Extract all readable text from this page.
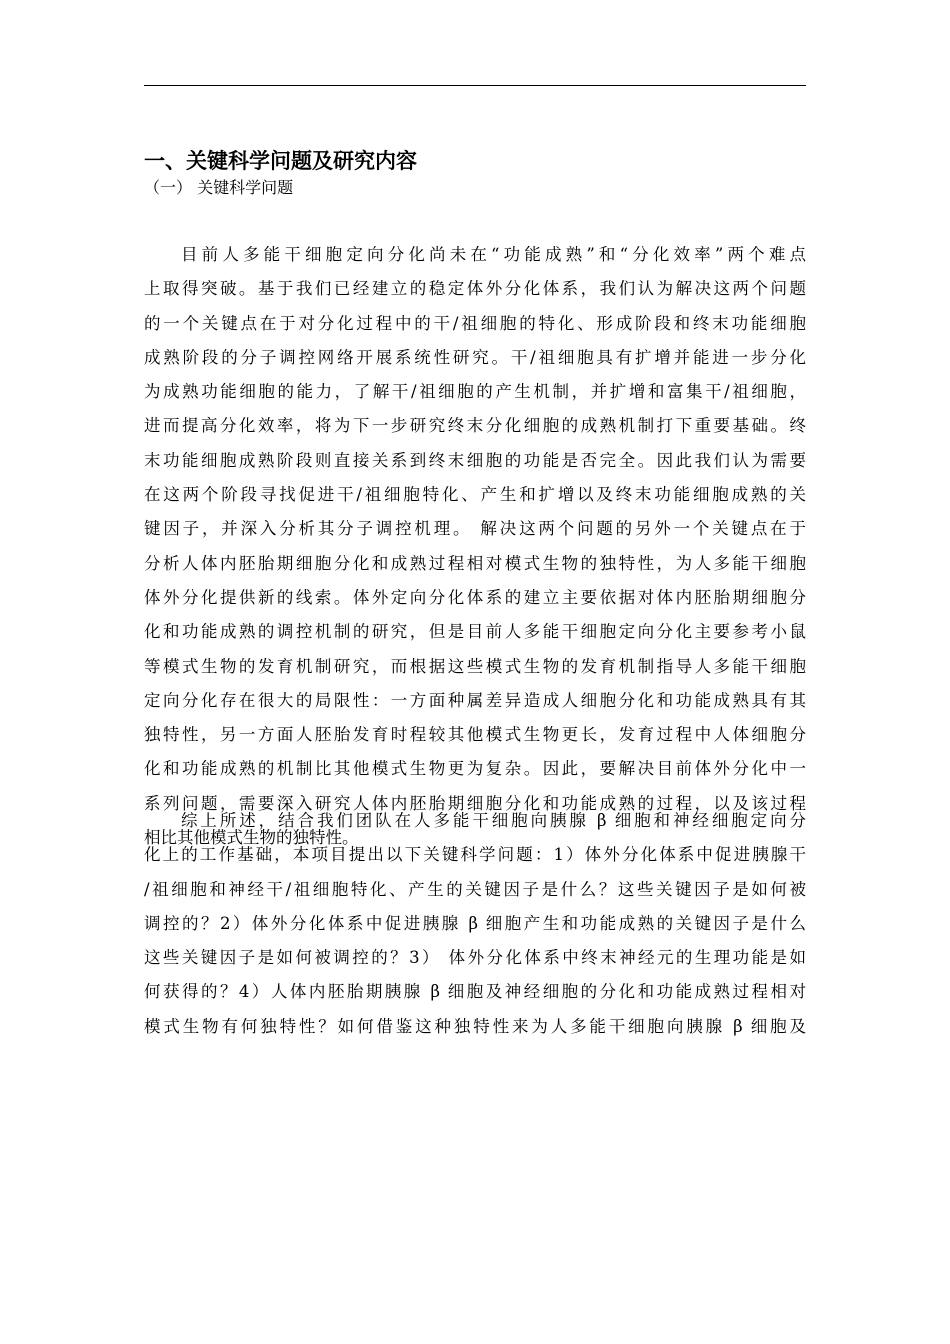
一、关键科学问题及研究内容
（一） 关键科学问题
目前人多能干细胞定向分化尚未在“功能成熟”和“分化效率”两个难点
上取得突破。基于我们已经建立的稳定体外分化体系，我们认为解决这两个问题
的一个关键点在于对分化过程中的干/祖细胞的特化、形成阶段和终末功能细胞
成熟阶段的分子调控网络开展系统性研究。干/祖细胞具有扩增并能进一步分化
为成熟功能细胞的能力，了解干/祖细胞的产生机制，并扩增和富集干/祖细胞，
进而提高分化效率，将为下一步研究终末分化细胞的成熟机制打下重要基础。终
末功能细胞成熟阶段则直接关系到终末细胞的功能是否完全。因此我们认为需要
在这两个阶段寻找促进干/祖细胞特化、产生和扩增以及终末功能细胞成熟的关
键因子，并深入分析其分子调控机理。 解决这两个问题的另外一个关键点在于
分析人体内胚胎期细胞分化和成熟过程相对模式生物的独特性，为人多能干细胞
体外分化提供新的线索。体外定向分化体系的建立主要依据对体内胚胎期细胞分
化和功能成熟的调控机制的研究，但是目前人多能干细胞定向分化主要参考小鼠
等模式生物的发育机制研究，而根据这些模式生物的发育机制指导人多能干细胞
定向分化存在很大的局限性：一方面种属差异造成人细胞分化和功能成熟具有其
独特性，另一方面人胚胎发育时程较其他模式生物更长，发育过程中人体细胞分
化和功能成熟的机制比其他模式生物更为复杂。因此，要解决目前体外分化中一
系列问题，需要深入研究人体内胚胎期细胞分化和功能成熟的过程，以及该过程
相比其他模式生物的独特性。
综上所述，结合我们团队在人多能干细胞向胰腺 β 细胞和神经细胞定向分
化上的工作基础，本项目提出以下关键科学问题：1）体外分化体系中促进胰腺干
/祖细胞和神经干/祖细胞特化、产生的关键因子是什么？这些关键因子是如何被
调控的？2）体外分化体系中促进胰腺 β 细胞产生和功能成熟的关键因子是什么
这些关键因子是如何被调控的？3） 体外分化体系中终末神经元的生理功能是如
何获得的？4）人体内胚胎期胰腺 β 细胞及神经细胞的分化和功能成熟过程相对
模式生物有何独特性？如何借鉴这种独特性来为人多能干细胞向胰腺 β 细胞及
